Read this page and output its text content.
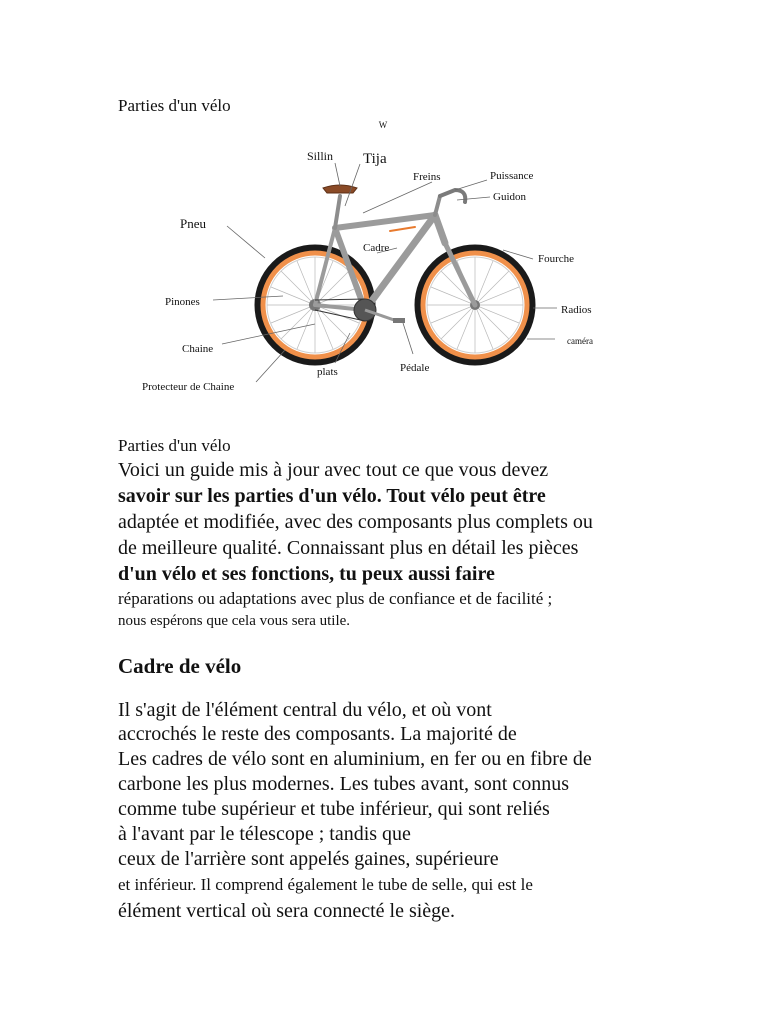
Parties d'un vélo
W
Sillin Tija
Freins	Puissance
Guidon
Pneu
Cadre
Fourche
Pinones
Radios
Chaine
caméra
Pédale
plats
Protecteur de Chaine
Parties d'un vélo
Voici un guide mis à jour avec tout ce que vous devez
savoir sur les parties d'un vélo. Tout vélo peut être
adaptée et modifiée, avec des composants plus complets ou
de meilleure qualité. Connaissant plus en détail les pièces
d'un vélo et ses fonctions, tu peux aussi faire
réparations ou adaptations avec plus de confiance et de facilité ;
nous espérons que cela vous sera utile.
Cadre de vélo
Il s'agit de l'élément central du vélo, et où vont
accrochés le reste des composants. La majorité de
Les cadres de vélo sont en aluminium, en fer ou en fibre de
carbone les plus modernes. Les tubes avant, sont connus
comme tube supérieur et tube inférieur, qui sont reliés
à l'avant par le télescope ; tandis que
ceux de l'arrière sont appelés gaines, supérieure
et inférieur. Il comprend également le tube de selle, qui est le
élément vertical où sera connecté le siège.
